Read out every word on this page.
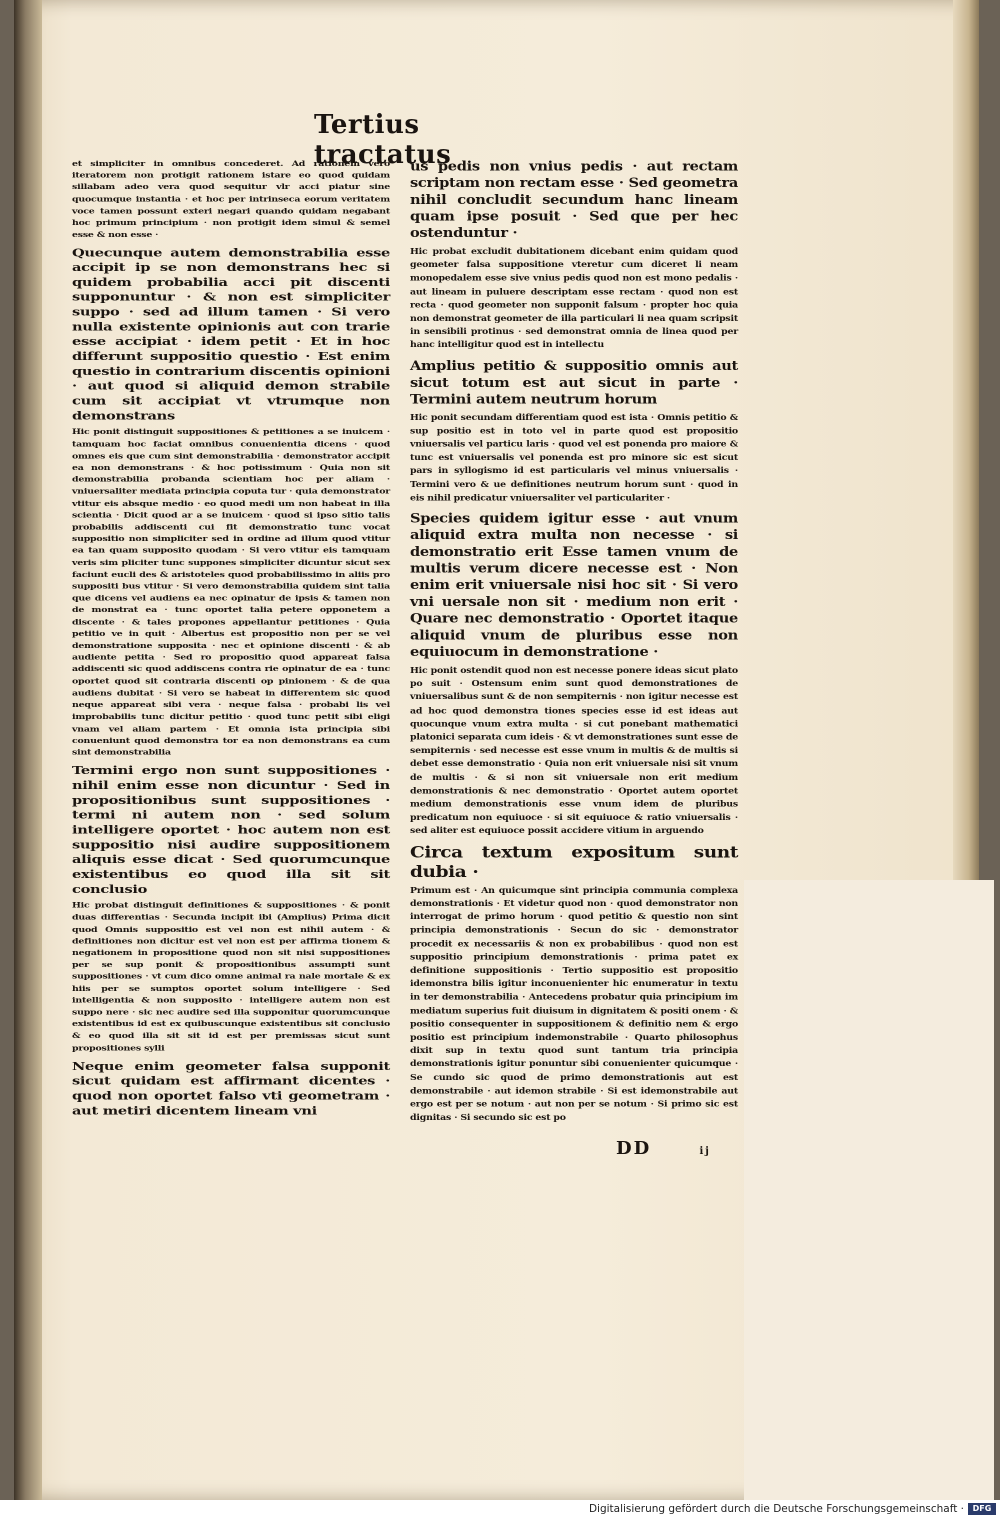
Tertius tractatus

et simpliciter in omnibus concederet. Ad rationem vero iteratorem non protigit rationem istare eo quod quidam sillabam adeo vera quod sequitur vlr acci piatur sine quocumque instantia · et hoc per intrinseca eorum veritatem voce tamen possunt exteri negari quando quidam negabant hoc primum principium · non protigit idem simul & semel esse & non esse ·

Quecunque autem demonstrabilia esse accipit ip se non demonstrans hec si quidem probabilia acci pit discenti supponuntur · & non est simpliciter suppo · sed ad illum tamen · Si vero nulla existente opinionis aut con trarie esse accipiat · idem petit · Et in hoc differunt suppositio questio · Est enim questio in contrarium discentis opinioni · aut quod si aliquid demon strabile cum sit accipiat vt vtrumque non demonstrans

Hic ponit distinguit suppositiones & petitiones a se inuicem · tamquam hoc faciat omnibus conuenientia dicens · quod omnes eis que cum sint demonstrabilia · demonstrator accipit ea non demonstrans · & hoc potissimum · Quia non sit demonstrabilia probanda scientiam hoc per aliam · vniuersaliter mediata principia coputa tur · quia demonstrator vtitur eis absque medio · eo quod medi um non habeat in illa scientia · Dicit quod ar a se inuicem · quod si ipso sitio talis probabilis addiscenti cui fit demonstratio tunc vocat suppositio non simpliciter sed in ordine ad illum quod vtitur ea tan quam supposito quodam · Si vero vtitur eis tamquam veris sim pliciter tunc suppones simpliciter dicuntur sicut sex faciunt eucli des & aristoteles quod probabilissimo in aliis pro suppositi bus vtitur · Si vero demonstrabilia quidem sint talia que dicens vel audiens ea nec opinatur de ipsis & tamen non de monstrat ea · tunc oportet talia petere opponetem a discente · & tales propones appellantur petitiones · Quia petitio ve in quit · Albertus est propositio non per se vel demonstratione supposita · nec et opinione discenti · & ab audiente petita · Sed ro propositio quod appareat falsa addiscenti sic quod addiscens contra rie opinatur de ea · tunc oportet quod sit contraria discenti op pinionem · & de qua audiens dubitat · Si vero se habeat in differentem sic quod neque appareat sibi vera · neque falsa · probabi lis vel improbabilis tunc dicitur petitio · quod tunc petit sibi eligi vnam vel aliam partem · Et omnia ista principia sibi conueniunt quod demonstra tor ea non demonstrans ea cum sint demonstrabilia

Termini ergo non sunt suppositiones · nihil enim esse non dicuntur · Sed in propositionibus sunt suppositiones · termi ni autem non · sed solum intelligere oportet · hoc autem non est suppositio nisi audire suppositionem aliquis esse dicat · Sed quorumcunque existentibus eo quod illa sit sit conclusio

Hic probat distinguit definitiones & suppositiones · & ponit duas differentias · Secunda incipit ibi (Amplius) Prima dicit quod Omnis suppositio est vel non est nihil autem · & definitiones non dicitur est vel non est per affirma tionem & negationem in propositione quod non sit nisi suppositiones per se sup ponit & propositionibus assumpti sunt suppositiones · vt cum dico omne animal ra nale mortale & ex hiis per se sumptos oportet solum intelligere · Sed intelligentia & non supposito · intelligere autem non est suppo nere · sic nec audire sed illa supponitur quorumcunque existentibus id est ex quibuscunque existentibus sit conclusio & eo quod illa sit sit id est per premissas sicut sunt propositiones sylli

Neque enim geometer falsa supponit sicut quidam est affirmant dicentes · quod non oportet falso vti geometram · aut metiri dicentem lineam vni

us pedis non vnius pedis · aut rectam scriptam non rectam esse · Sed geometra nihil concludit secundum hanc lineam quam ipse posuit · Sed que per hec ostenduntur ·

Hic probat excludit dubitationem dicebant enim quidam quod geometer falsa suppositione vteretur cum diceret li neam monopedalem esse sive vnius pedis quod non est mono pedalis · aut lineam in puluere descriptam esse rectam · quod non est recta · quod geometer non supponit falsum · propter hoc quia non demonstrat geometer de illa particulari li nea quam scripsit in sensibili protinus · sed demonstrat omnia de linea quod per hanc intelligitur quod est in intellectu

Amplius petitio & suppositio omnis aut sicut totum est aut sicut in parte · Termini autem neutrum horum

Hic ponit secundam differentiam quod est ista · Omnis petitio & sup positio est in toto vel in parte quod est propositio vniuersalis vel particu laris · quod vel est ponenda pro maiore & tunc est vniuersalis vel ponenda est pro minore sic est sicut pars in syllogismo id est particularis vel minus vniuersalis · Termini vero & ue definitiones neutrum horum sunt · quod in eis nihil predicatur vniuersaliter vel particulariter ·

Species quidem igitur esse · aut vnum aliquid extra multa non necesse · si demonstratio erit Esse tamen vnum de multis verum dicere necesse est · Non enim erit vniuersale nisi hoc sit · Si vero vni uersale non sit · medium non erit · Quare nec demonstratio · Oportet itaque aliquid vnum de pluribus esse non equiuocum in demonstratione ·

Hic ponit ostendit quod non est necesse ponere ideas sicut plato po suit · Ostensum enim sunt quod demonstrationes de vniuersalibus sunt & de non sempiternis · non igitur necesse est ad hoc quod demonstra tiones species esse id est ideas aut quocunque vnum extra multa · si cut ponebant mathematici platonici separata cum ideis · & vt demonstrationes sunt esse de sempiternis · sed necesse est esse vnum in multis & de multis si debet esse demonstratio · Quia non erit vniuersale nisi sit vnum de multis · & si non sit vniuersale non erit medium demonstrationis & nec demonstratio · Oportet autem oportet medium demonstrationis esse vnum idem de pluribus predicatum non equiuoce · si sit equiuoce & ratio vniuersalis · sed aliter est equiuoce possit accidere vitium in arguendo

Circa textum expositum sunt dubia ·

Primum est · An quicumque sint principia communia complexa demonstrationis · Et videtur quod non · quod demonstrator non interrogat de primo horum · quod petitio & questio non sint principia demonstrationis · Secun do sic · demonstrator procedit ex necessariis & non ex probabilibus · quod non est suppositio principium demonstrationis · prima patet ex definitione suppositionis · Tertio suppositio est propositio idemonstra bilis igitur inconuenienter hic enumeratur in textu in ter demonstrabilia · Antecedens probatur quia principium im mediatum superius fuit diuisum in dignitatem & positi onem · & positio consequenter in suppositionem & definitio nem & ergo positio est principium indemonstrabile · Quarto philosophus dixit sup in textu quod sunt tantum tria principia demonstrationis igitur ponuntur sibi conuenienter quicumque · Se cundo sic quod de primo demonstrationis aut est demonstrabile · aut idemon strabile · Si est idemonstrabile aut ergo est per se notum · aut non per se notum · Si primo sic est dignitas · Si secundo sic est po

DD	ij
Digitalisierung gefördert durch die Deutsche Forschungsgemeinschaft ·	DFG
